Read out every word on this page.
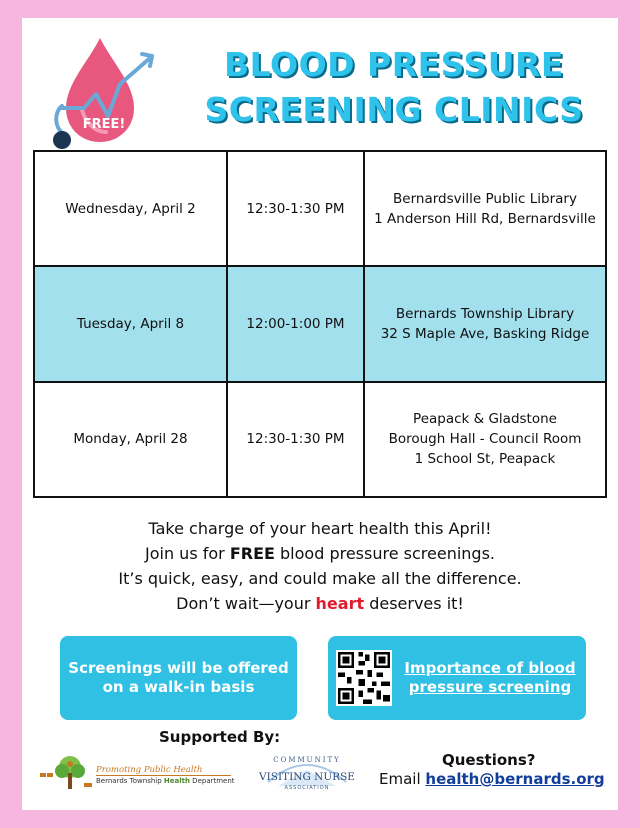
FREE!
BLOOD PRESSURE
SCREENING CLINICS
Wednesday, April 2	12:30-1:30 PM	Bernardsville Public Library
1 Anderson Hill Rd, Bernardsville

Tuesday, April 8	12:00-1:00 PM	Bernards Township Library
32 S Maple Ave, Basking Ridge

Monday, April 28	12:30-1:30 PM	Peapack & Gladstone
Borough Hall - Council Room
1 School St, Peapack
Take charge of your heart health this April!
Join us for FREE blood pressure screenings.
It’s quick, easy, and could make all the difference.
Don’t wait—your heart deserves it!
Screenings will be offered on a walk-in basis
Importance of blood pressure screening
Supported By:
Promoting Public Health
Bernards Township Health Department
COMMUNITY
VISITING NURSE
ASSOCIATION
Questions?
Email health@bernards.org
